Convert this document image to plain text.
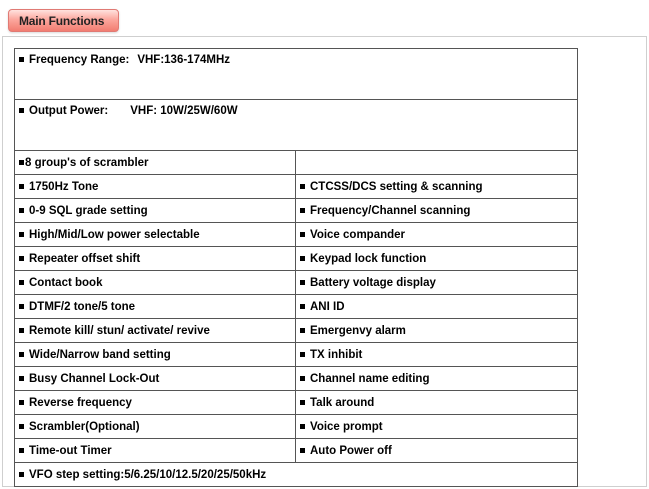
Main Functions
Frequency Range: VHF:136-174MHz	
Output Power: VHF: 10W/25W/60W	
8 group's of scrambler	
1750Hz Tone	CTCSS/DCS setting & scanning
0-9 SQL grade setting	Frequency/Channel scanning
High/Mid/Low power selectable	Voice compander
Repeater offset shift	Keypad lock function
Contact book	Battery voltage display
DTMF/2 tone/5 tone	ANI ID
Remote kill/ stun/ activate/ revive	Emergenvy alarm
Wide/Narrow band setting	TX inhibit
Busy Channel Lock-Out	Channel name editing
Reverse frequency	Talk around
Scrambler(Optional)	Voice prompt
Time-out Timer	Auto Power off
VFO step setting:5/6.25/10/12.5/20/25/50kHz	
